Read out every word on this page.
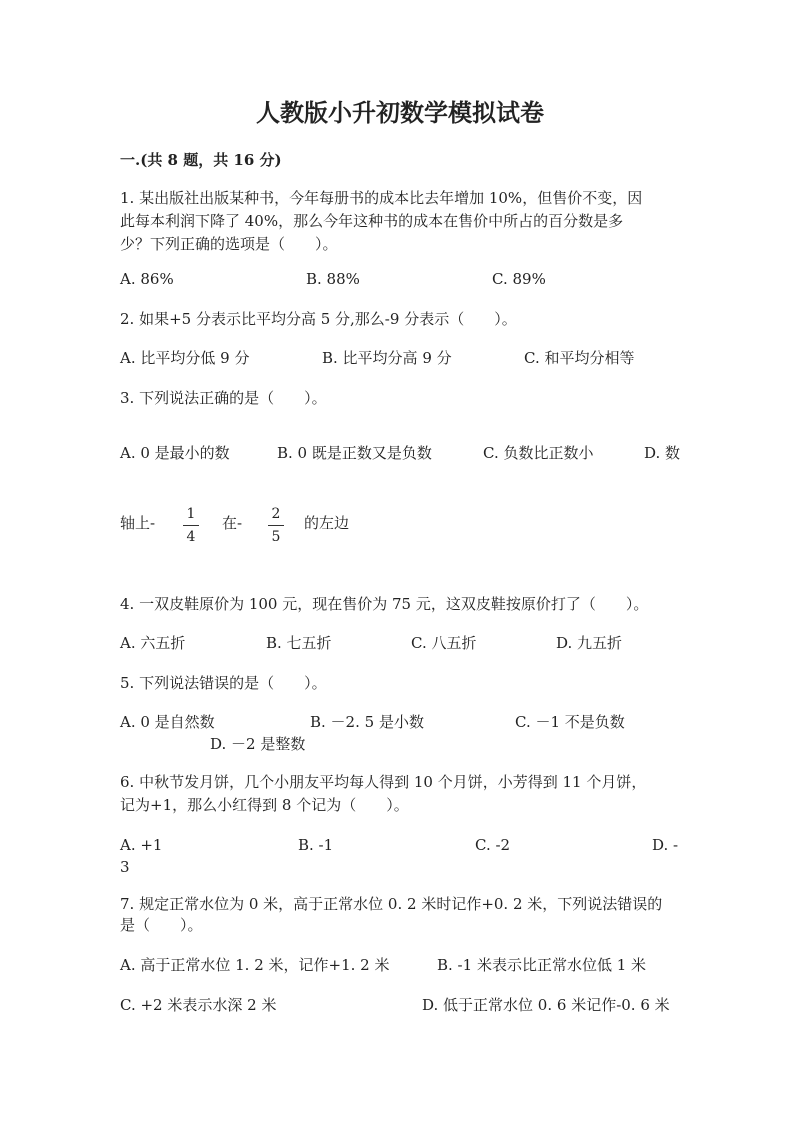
人教版小升初数学模拟试卷
一.(共 8 题，共 16 分)
1. 某出版社出版某种书，今年每册书的成本比去年增加 10%，但售价不变，因
此每本利润下降了 40%，那么今年这种书的成本在售价中所占的百分数是多
少？下列正确的选项是（　　）。
A. 86%	B. 88%	C. 89%
2. 如果+5 分表示比平均分高 5 分,那么-9 分表示（　　）。
A. 比平均分低 9 分	B. 比平均分高 9 分	C. 和平均分相等
3. 下列说法正确的是（　　）。
A. 0 是最小的数	B. 0 既是正数又是负数	C. 负数比正数小	D. 数
轴上- $\frac{1}{4}$ 在- $\frac{2}{5}$ 的左边
4. 一双皮鞋原价为 100 元，现在售价为 75 元，这双皮鞋按原价打了（　　）。
A. 六五折	B. 七五折	C. 八五折	D. 九五折
5. 下列说法错误的是（　　）。
A. 0 是自然数	B. －2. 5 是小数	C. －1 不是负数
D. －2 是整数
6. 中秋节发月饼，几个小朋友平均每人得到 10 个月饼，小芳得到 11 个月饼，
记为+1，那么小红得到 8 个记为（　　）。
A. +1	B. -1	C. -2	D. -
3
7. 规定正常水位为 0 米，高于正常水位 0. 2 米时记作+0. 2 米，下列说法错误的
是（　　）。
A. 高于正常水位 1. 2 米，记作+1. 2 米	B. -1 米表示比正常水位低 1 米
C. +2 米表示水深 2 米	D. 低于正常水位 0. 6 米记作-0. 6 米
